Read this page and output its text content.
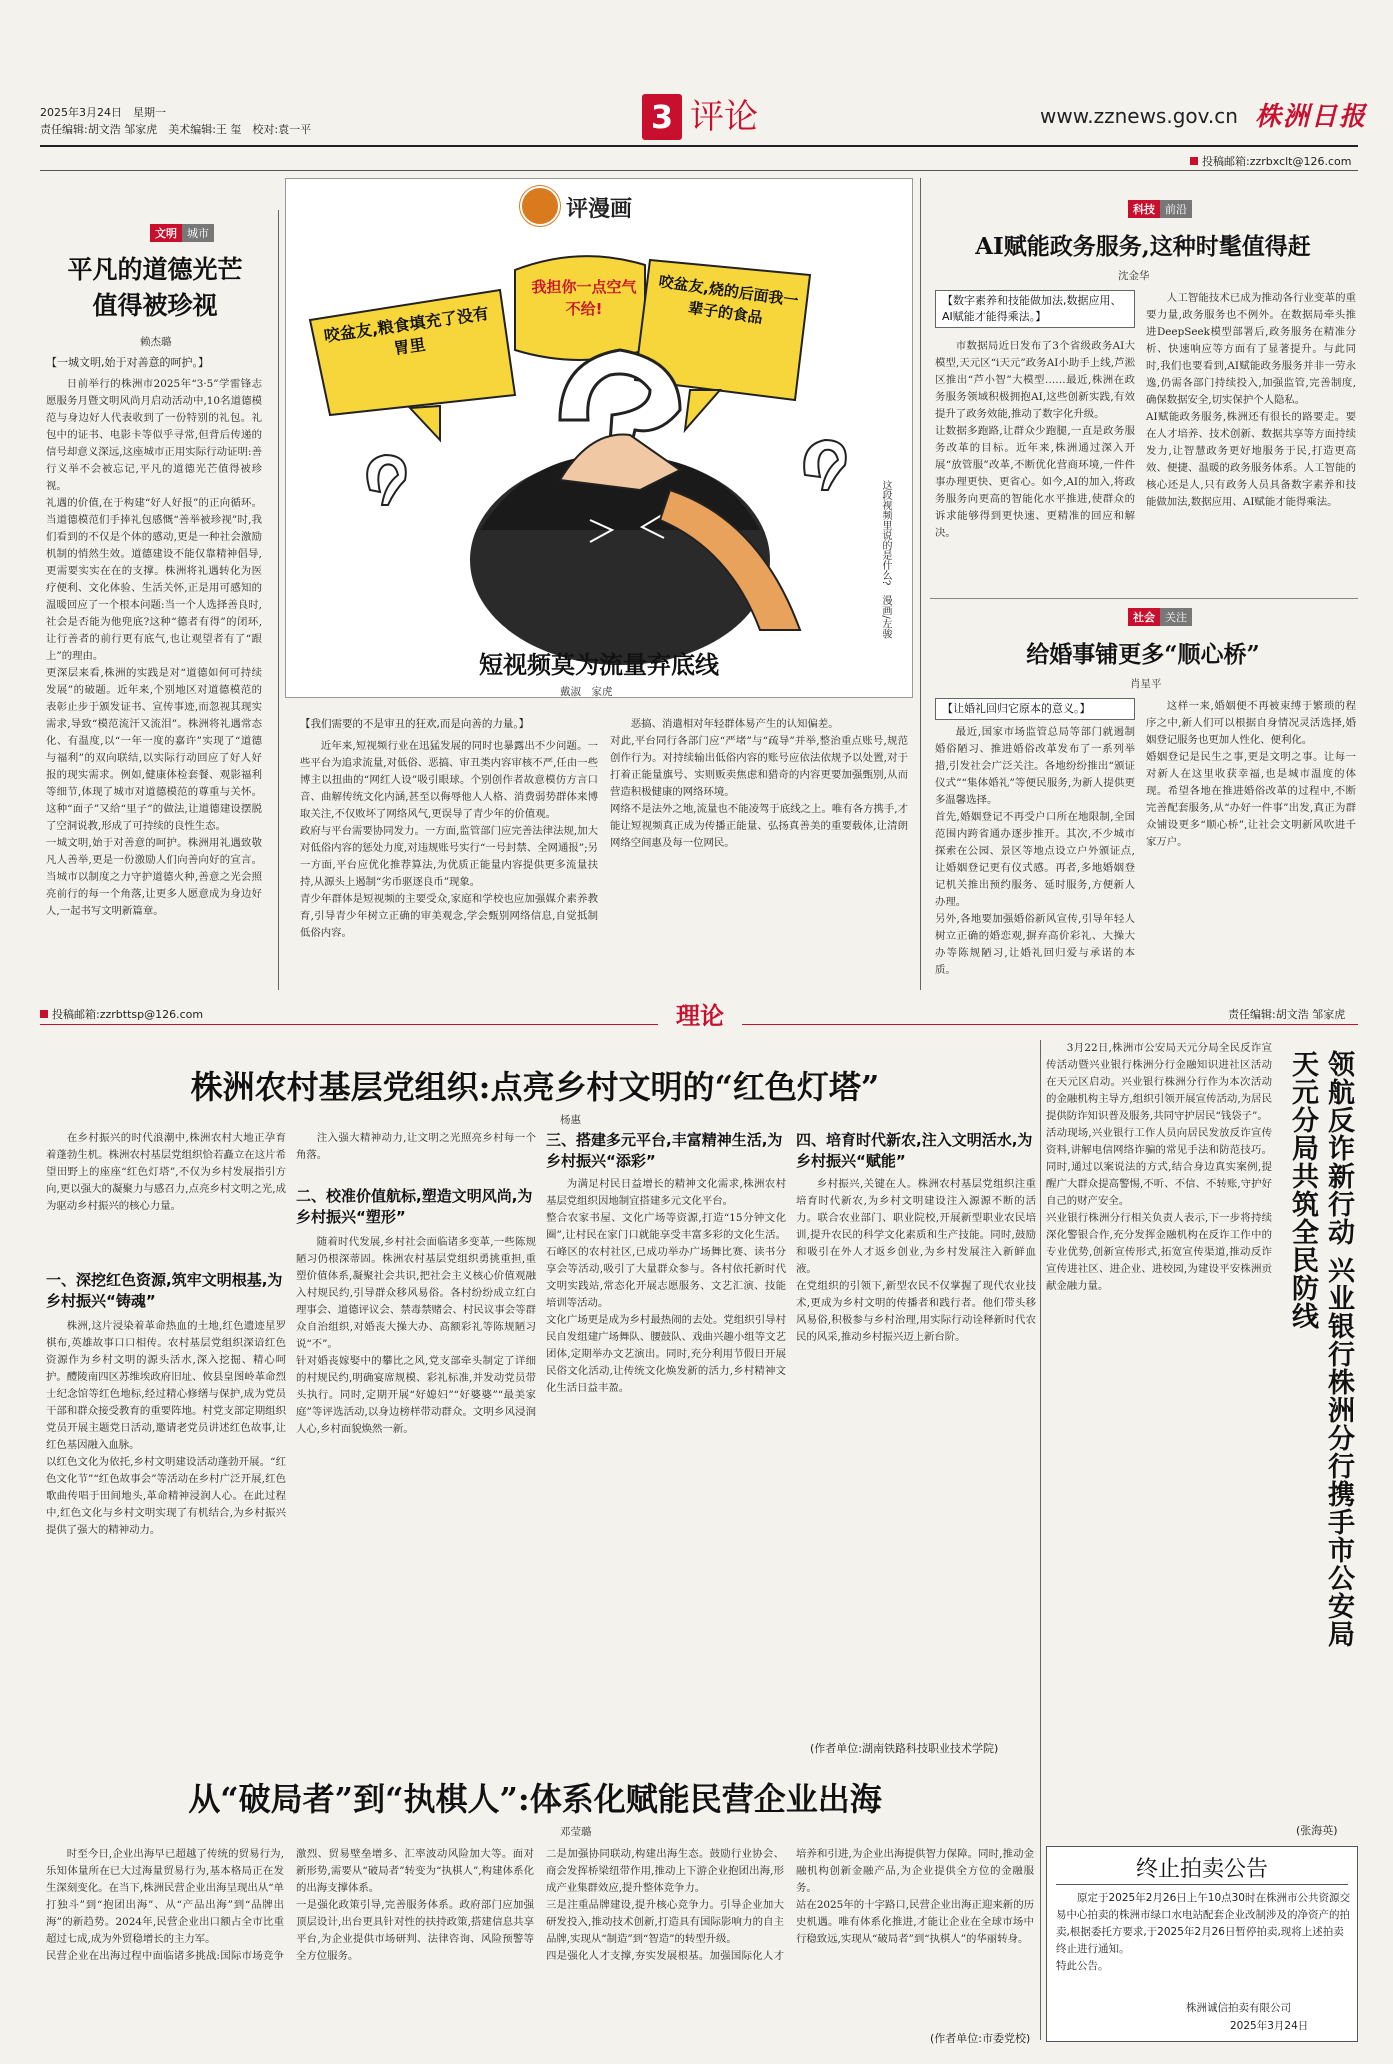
2025年3月24日　星期一
责任编辑:胡文浩 邹家虎　美术编辑:王 玺　校对:袁一平	3 评论	www.zznews.gov.cn 株洲日报
投稿邮箱:zzrbxclt@126.com
文明 城市
平凡的道德光芒
值得被珍视
赖杰璐
【一城文明,始于对善意的呵护。】
日前举行的株洲市2025年“3·5”学雷锋志愿服务月暨文明风尚月启动活动中,10名道德模范与身边好人代表收到了一份特别的礼包。礼包中的证书、电影卡等似乎寻常,但背后传递的信号却意义深远,这座城市正用实际行动证明:善行义举不会被忘记,平凡的道德光芒值得被珍视。
礼遇的价值,在于构建“好人好报”的正向循环。当道德模范们手捧礼包感慨“善举被珍视”时,我们看到的不仅是个体的感动,更是一种社会激励机制的悄然生效。道德建设不能仅靠精神倡导,更需要实实在在的支撑。株洲将礼遇转化为医疗便利、文化体验、生活关怀,正是用可感知的温暖回应了一个根本问题:当一个人选择善良时,社会是否能为他兜底?这种“德者有得”的闭环,让行善者的前行更有底气,也让观望者有了“跟上”的理由。
更深层来看,株洲的实践是对“道德如何可持续发展”的破题。近年来,个别地区对道德模范的表彰止步于颁发证书、宣传事迹,而忽视其现实需求,导致“模范流汗又流泪”。株洲将礼遇常态化、有温度,以“一年一度的嘉许”实现了“道德与福利”的双向联结,以实际行动回应了好人好报的现实需求。例如,健康体检套餐、观影福利等细节,体现了城市对道德模范的尊重与关怀。这种“面子”又给“里子”的做法,让道德建设摆脱了空洞说教,形成了可持续的良性生态。
一城文明,始于对善意的呵护。株洲用礼遇致敬凡人善举,更是一份激励人们向善向好的宣言。当城市以制度之力守护道德火种,善意之光会照亮前行的每一个角落,让更多人愿意成为身边好人,一起书写文明新篇章。
评漫画
咬盆友,粮食填充了没有胃里
我担你一点空气不给!	咬盆友,烧的后面我一辈子的食品
这段视频里说的是什么?　漫画/左骏
短视频莫为流量弃底线
戴淑　家虎
【我们需要的不是审丑的狂欢,而是向善的力量。】
近年来,短视频行业在迅猛发展的同时也暴露出不少问题。一些平台为追求流量,对低俗、恶搞、审丑类内容审核不严,任由一些博主以扭曲的“网红人设”吸引眼球。个别创作者故意模仿方言口音、曲解传统文化内涵,甚至以侮辱他人人格、消费弱势群体来博取关注,不仅败坏了网络风气,更误导了青少年的价值观。
政府与平台需要协同发力。一方面,监管部门应完善法律法规,加大对低俗内容的惩处力度,对违规账号实行“一号封禁、全网通报”;另一方面,平台应优化推荐算法,为优质正能量内容提供更多流量扶持,从源头上遏制“劣币驱逐良币”现象。
青少年群体是短视频的主要受众,家庭和学校也应加强媒介素养教育,引导青少年树立正确的审美观念,学会甄别网络信息,自觉抵制低俗内容。
恶搞、消遣相对年轻群体易产生的认知偏差。
对此,平台同行各部门应“严堵”与“疏导”并举,整治重点账号,规范创作行为。对持续输出低俗内容的账号应依法依规予以处置,对于打着正能量旗号、实则贩卖焦虑和猎奇的内容更要加强甄别,从而营造积极健康的网络环境。
网络不是法外之地,流量也不能凌驾于底线之上。唯有各方携手,才能让短视频真正成为传播正能量、弘扬真善美的重要载体,让清朗网络空间惠及每一位网民。
科技 前沿
AI赋能政务服务,这种时髦值得赶
沈金华
【数字素养和技能做加法,数据应用、AI赋能才能得乘法。】
市数据局近日发布了3个省级政务AI大模型,天元区“i天元”政务AI小助手上线,芦淞区推出“芦小智”大模型……最近,株洲在政务服务领域积极拥抱AI,这些创新实践,有效提升了政务效能,推动了数字化升级。
让数据多跑路,让群众少跑腿,一直是政务服务改革的目标。近年来,株洲通过深入开展“放管服”改革,不断优化营商环境,一件件事办理更快、更省心。如今,AI的加入,将政务服务向更高的智能化水平推进,使群众的诉求能够得到更快速、更精准的回应和解决。
人工智能技术已成为推动各行业变革的重要力量,政务服务也不例外。在数据局牵头推进DeepSeek模型部署后,政务服务在精准分析、快速响应等方面有了显著提升。与此同时,我们也要看到,AI赋能政务服务并非一劳永逸,仍需各部门持续投入,加强监管,完善制度,确保数据安全,切实保护个人隐私。
AI赋能政务服务,株洲还有很长的路要走。要在人才培养、技术创新、数据共享等方面持续发力,让智慧政务更好地服务于民,打造更高效、便捷、温暖的政务服务体系。人工智能的核心还是人,只有政务人员具备数字素养和技能做加法,数据应用、AI赋能才能得乘法。
社会 关注
给婚事铺更多“顺心桥”
肖星平
【让婚礼回归它原本的意义。】
最近,国家市场监管总局等部门就遏制婚俗陋习、推进婚俗改革发布了一系列举措,引发社会广泛关注。各地纷纷推出“颁证仪式”“集体婚礼”等便民服务,为新人提供更多温馨选择。
首先,婚姻登记不再受户口所在地限制,全国范围内跨省通办逐步推开。其次,不少城市探索在公园、景区等地点设立户外颁证点,让婚姻登记更有仪式感。再者,多地婚姻登记机关推出预约服务、延时服务,方便新人办理。
另外,各地要加强婚俗新风宣传,引导年轻人树立正确的婚恋观,摒弃高价彩礼、大操大办等陈规陋习,让婚礼回归爱与承诺的本质。
这样一来,婚姻便不再被束缚于繁琐的程序之中,新人们可以根据自身情况灵活选择,婚姻登记服务也更加人性化、便利化。
婚姻登记是民生之事,更是文明之事。让每一对新人在这里收获幸福,也是城市温度的体现。希望各地在推进婚俗改革的过程中,不断完善配套服务,从“办好一件事”出发,真正为群众铺设更多“顺心桥”,让社会文明新风吹进千家万户。
投稿邮箱:zzrbttsp@126.com	理论	责任编辑:胡文浩 邹家虎
株洲农村基层党组织:点亮乡村文明的“红色灯塔”
杨惠
在乡村振兴的时代浪潮中,株洲农村大地正孕育着蓬勃生机。株洲农村基层党组织恰若矗立在这片希望田野上的座座“红色灯塔”,不仅为乡村发展指引方向,更以强大的凝聚力与感召力,点亮乡村文明之光,成为驱动乡村振兴的核心力量。
一、深挖红色资源,筑牢文明根基,为乡村振兴“铸魂”
株洲,这片浸染着革命热血的土地,红色遗迹星罗棋布,英雄故事口口相传。农村基层党组织深谙红色资源作为乡村文明的源头活水,深入挖掘、精心呵护。醴陵南四区苏维埃政府旧址、攸县皇图岭革命烈士纪念馆等红色地标,经过精心修缮与保护,成为党员干部和群众接受教育的重要阵地。村党支部定期组织党员开展主题党日活动,邀请老党员讲述红色故事,让红色基因融入血脉。
以红色文化为依托,乡村文明建设活动蓬勃开展。“红色文化节”“红色故事会”等活动在乡村广泛开展,红色歌曲传唱于田间地头,革命精神浸润人心。在此过程中,红色文化与乡村文明实现了有机结合,为乡村振兴提供了强大的精神动力。
注入强大精神动力,让文明之光照亮乡村每一个角落。
二、校准价值航标,塑造文明风尚,为乡村振兴“塑形”
随着时代发展,乡村社会面临诸多变革,一些陈规陋习仍根深蒂固。株洲农村基层党组织勇挑重担,重塑价值体系,凝聚社会共识,把社会主义核心价值观融入村规民约,引导群众移风易俗。各村纷纷成立红白理事会、道德评议会、禁毒禁赌会、村民议事会等群众自治组织,对婚丧大操大办、高额彩礼等陈规陋习说“不”。
针对婚丧嫁娶中的攀比之风,党支部牵头制定了详细的村规民约,明确宴席规模、彩礼标准,并发动党员带头执行。同时,定期开展“好媳妇”“好婆婆”“最美家庭”等评选活动,以身边榜样带动群众。文明乡风浸润人心,乡村面貌焕然一新。
三、搭建多元平台,丰富精神生活,为乡村振兴“添彩”
为满足村民日益增长的精神文化需求,株洲农村基层党组织因地制宜搭建多元文化平台。
整合农家书屋、文化广场等资源,打造“15分钟文化圈”,让村民在家门口就能享受丰富多彩的文化生活。石峰区的农村社区,已成功举办广场舞比赛、读书分享会等活动,吸引了大量群众参与。各村依托新时代文明实践站,常态化开展志愿服务、文艺汇演、技能培训等活动。
文化广场更是成为乡村最热闹的去处。党组织引导村民自发组建广场舞队、腰鼓队、戏曲兴趣小组等文艺团体,定期举办文艺演出。同时,充分利用节假日开展民俗文化活动,让传统文化焕发新的活力,乡村精神文化生活日益丰盈。
四、培育时代新农,注入文明活水,为乡村振兴“赋能”
乡村振兴,关键在人。株洲农村基层党组织注重培育时代新农,为乡村文明建设注入源源不断的活力。联合农业部门、职业院校,开展新型职业农民培训,提升农民的科学文化素质和生产技能。同时,鼓励和吸引在外人才返乡创业,为乡村发展注入新鲜血液。
在党组织的引领下,新型农民不仅掌握了现代农业技术,更成为乡村文明的传播者和践行者。他们带头移风易俗,积极参与乡村治理,用实际行动诠释新时代农民的风采,推动乡村振兴迈上新台阶。
(作者单位:湖南铁路科技职业技术学院)
从“破局者”到“执棋人”:体系化赋能民营企业出海
邓莹璐
时至今日,企业出海早已超越了传统的贸易行为,乐知体量所在已大过海量贸易行为,基本格局正在发生深刻变化。在当下,株洲民营企业出海呈现出从“单打独斗”到“抱团出海”、从“产品出海”到“品牌出海”的新趋势。2024年,民营企业出口额占全市比重超过七成,成为外贸稳增长的主力军。
民营企业在出海过程中面临诸多挑战:国际市场竞争激烈、贸易壁垒增多、汇率波动风险加大等。面对新形势,需要从“破局者”转变为“执棋人”,构建体系化的出海支撑体系。
一是强化政策引导,完善服务体系。政府部门应加强顶层设计,出台更具针对性的扶持政策,搭建信息共享平台,为企业提供市场研判、法律咨询、风险预警等全方位服务。
二是加强协同联动,构建出海生态。鼓励行业协会、商会发挥桥梁纽带作用,推动上下游企业抱团出海,形成产业集群效应,提升整体竞争力。
三是注重品牌建设,提升核心竞争力。引导企业加大研发投入,推动技术创新,打造具有国际影响力的自主品牌,实现从“制造”到“智造”的转型升级。
四是强化人才支撑,夯实发展根基。加强国际化人才培养和引进,为企业出海提供智力保障。同时,推动金融机构创新金融产品,为企业提供全方位的金融服务。
站在2025年的十字路口,民营企业出海正迎来新的历史机遇。唯有体系化推进,才能让企业在全球市场中行稳致远,实现从“破局者”到“执棋人”的华丽转身。
(作者单位:市委党校)
3月22日,株洲市公安局天元分局全民反诈宣传活动暨兴业银行株洲分行金融知识进社区活动在天元区启动。兴业银行株洲分行作为本次活动的金融机构主导方,组织引领开展宣传活动,为居民提供防诈知识普及服务,共同守护居民“钱袋子”。
活动现场,兴业银行工作人员向居民发放反诈宣传资料,讲解电信网络诈骗的常见手法和防范技巧。同时,通过以案说法的方式,结合身边真实案例,提醒广大群众提高警惕,不听、不信、不转账,守护好自己的财产安全。
兴业银行株洲分行相关负责人表示,下一步将持续深化警银合作,充分发挥金融机构在反诈工作中的专业优势,创新宣传形式,拓宽宣传渠道,推动反诈宣传进社区、进企业、进校园,为建设平安株洲贡献金融力量。	领航反诈新行动 兴业银行株洲分行携手市公安局天元分局共筑全民防线
(张海英)
终止拍卖公告
原定于2025年2月26日上午10点30时在株洲市公共资源交易中心拍卖的株洲市绿口水电站配套企业改制涉及的净资产的拍卖,根据委托方要求,于2025年2月26日暂停拍卖,现将上述拍卖终止进行通知。
特此公告。
株洲诚信拍卖有限公司
2025年3月24日
